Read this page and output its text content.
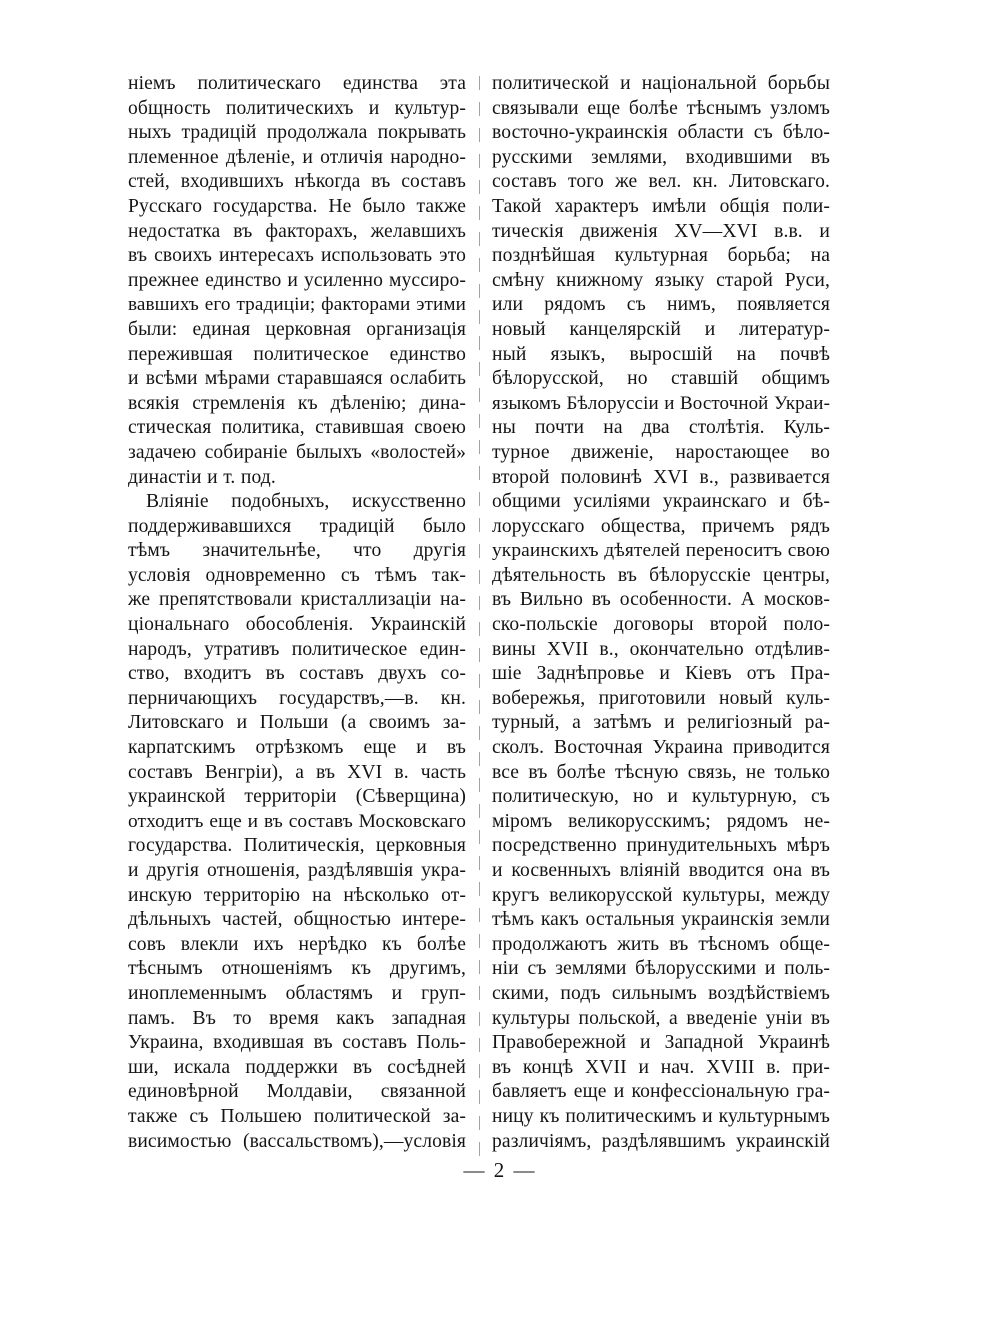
ніемъ политическаго единства эта
общность политическихъ и культур-
ныхъ традицій продолжала покрывать
племенное дѣленіе, и отличія народно-
стей, входившихъ нѣкогда въ составъ
Русскаго государства. Не было также
недостатка въ факторахъ, желавшихъ
въ своихъ интересахъ использовать это
прежнее единство и усиленно муссиро-
вавшихъ его традиціи; факторами этими
были: единая церковная организація
пережившая политическое единство
и всѣми мѣрами старавшаяся ослабить
всякія стремленія къ дѣленію; дина-
стическая политика, ставившая своею
задачею собираніе былыхъ «волостей»
династіи и т. под.
Вліяніе подобныхъ, искусственно
поддерживавшихся традицій было
тѣмъ значительнѣе, что другія
условія одновременно съ тѣмъ так-
же препятствовали кристаллизаціи на-
ціональнаго обособленія. Украинскій
народъ, утративъ политическое един-
ство, входитъ въ составъ двухъ со-
перничающихъ государствъ,—в. кн.
Литовскаго и Польши (а своимъ за-
карпатскимъ отрѣзкомъ еще и въ
составъ Венгріи), а въ XVI в. часть
украинской территоріи (Сѣверщина)
отходитъ еще и въ составъ Московскаго
государства. Политическія, церковныя
и другія отношенія, раздѣлявшія укра-
инскую территорію на нѣсколько от-
дѣльныхъ частей, общностью интере-
совъ влекли ихъ нерѣдко къ болѣе
тѣснымъ отношеніямъ къ другимъ,
иноплеменнымъ областямъ и груп-
памъ. Въ то время какъ западная
Украина, входившая въ составъ Поль-
ши, искала поддержки въ сосѣдней
единовѣрной Молдавіи, связанной
также съ Польшею политической за-
висимостью (вассальствомъ),—условія
политической и національной борьбы
связывали еще болѣе тѣснымъ узломъ
восточно-украинскія области съ бѣло-
русскими землями, входившими въ
составъ того же вел. кн. Литовскаго.
Такой характеръ имѣли общія поли-
тическія движенія XV—XVI в.в. и
позднѣйшая культурная борьба; на
смѣну книжному языку старой Руси,
или рядомъ съ нимъ, появляется
новый канцелярскій и литератур-
ный языкъ, выросшій на почвѣ
бѣлорусской, но ставшій общимъ
языкомъ Бѣлоруссіи и Восточной Украи-
ны почти на два столѣтія. Куль-
турное движеніе, наростающее во
второй половинѣ XVI в., развивается
общими усиліями украинскаго и бѣ-
лорусскаго общества, причемъ рядъ
украинскихъ дѣятелей переноситъ свою
дѣятельность въ бѣлорусскіе центры,
въ Вильно въ особенности. А москов-
ско-польскіе договоры второй поло-
вины XVII в., окончательно отдѣлив-
шіе Заднѣпровье и Кіевъ отъ Пра-
вобережья, приготовили новый куль-
турный, а затѣмъ и религіозный ра-
сколъ. Восточная Украина приводится
все въ болѣе тѣсную связь, не только
политическую, но и культурную, съ
міромъ великорусскимъ; рядомъ не-
посредственно принудительныхъ мѣръ
и косвенныхъ вліяній вводится она въ
кругъ великорусской культуры, между
тѣмъ какъ остальныя украинскія земли
продолжаютъ жить въ тѣсномъ обще-
ніи съ землями бѣлорусскими и поль-
скими, подъ сильнымъ воздѣйствіемъ
культуры польской, а введеніе уніи въ
Правобережной и Западной Украинѣ
въ концѣ XVII и нач. XVIII в. при-
бавляетъ еще и конфессіональную гра-
ницу къ политическимъ и культурнымъ
различіямъ, раздѣлявшимъ украинскій
— 2 —
